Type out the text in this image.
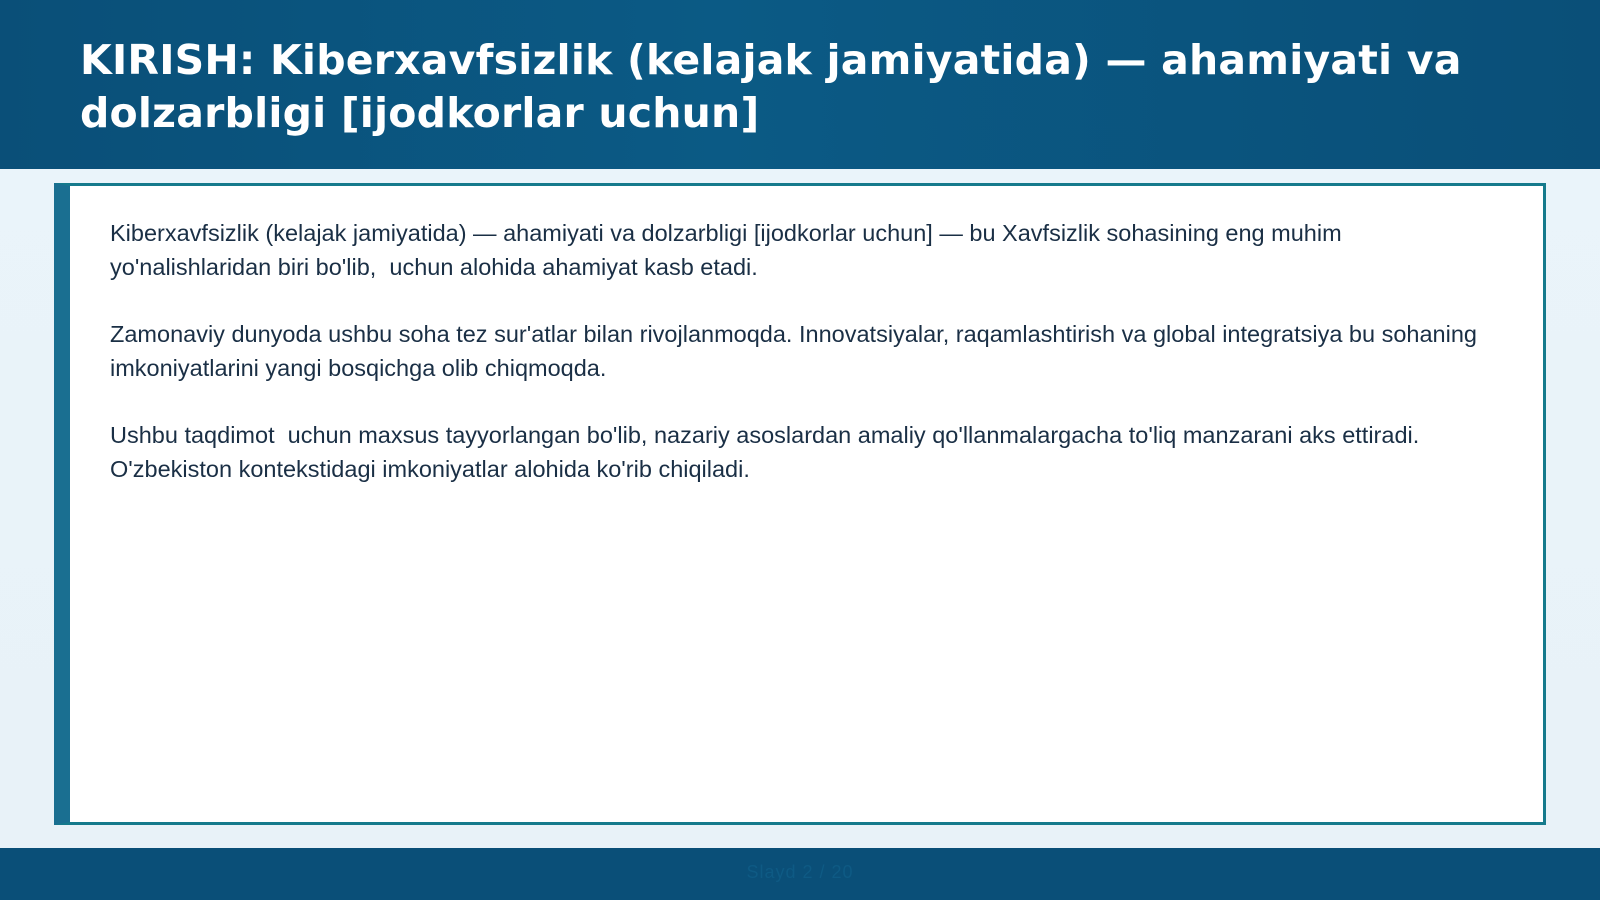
KIRISH: Kiberxavfsizlik (kelajak jamiyatida) — ahamiyati va dolzarbligi [ijodkorlar uchun]

Kiberxavfsizlik (kelajak jamiyatida) — ahamiyati va dolzarbligi [ijodkorlar uchun] — bu Xavfsizlik sohasining eng muhim yo'nalishlaridan biri bo'lib,  uchun alohida ahamiyat kasb etadi.

Zamonaviy dunyoda ushbu soha tez sur'atlar bilan rivojlanmoqda. Innovatsiyalar, raqamlashtirish va global integratsiya bu sohaning imkoniyatlarini yangi bosqichga olib chiqmoqda.

Ushbu taqdimot  uchun maxsus tayyorlangan bo'lib, nazariy asoslardan amaliy qo'llanmalargacha to'liq manzarani aks ettiradi. O'zbekiston kontekstidagi imkoniyatlar alohida ko'rib chiqiladi.

Slayd 2 / 20
